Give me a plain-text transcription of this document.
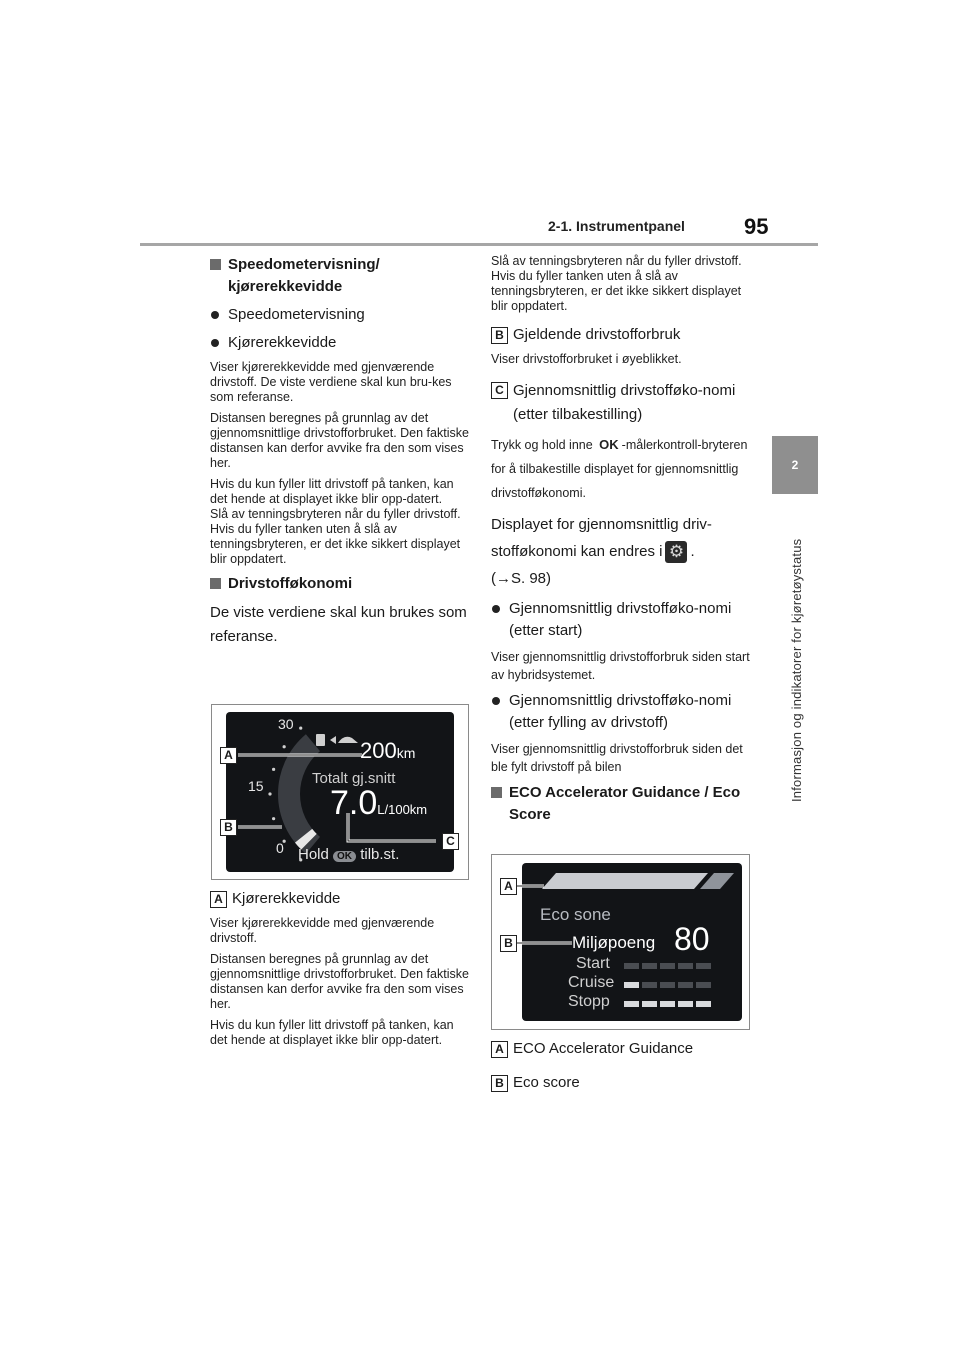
2-1. Instrumentpanel	95
2
Informasjon og indikatorer for kjøretøystatus
Speedometervisning/ kjørerekkevidde
Speedometervisning
Kjørerekkevidde

Viser kjørerekkevidde med gjenværende drivstoff. De viste verdiene skal kun bru-kes som referanse.

Distansen beregnes på grunnlag av det gjennomsnittlige drivstofforbruket. Den faktiske distansen kan derfor avvike fra den som vises her.

Hvis du kun fyller litt drivstoff på tanken, kan det hende at displayet ikke blir opp-datert.

Slå av tenningsbryteren når du fyller drivstoff. Hvis du fyller tanken uten å slå av tenningsbryteren, er det ikke sikkert displayet blir oppdatert.

Drivstofføkonomi

De viste verdiene skal kun brukes som referanse.

30
15
0
200km
Totalt gj.snitt
7.0L/100km
Hold OK tilb.st.
A
B
C
A Kjørerekkevidde

Viser kjørerekkevidde med gjenværende drivstoff.

Distansen beregnes på grunnlag av det gjennomsnittlige drivstofforbruket. Den faktiske distansen kan derfor avvike fra den som vises her.

Hvis du kun fyller litt drivstoff på tanken, kan det hende at displayet ikke blir opp-datert.

Slå av tenningsbryteren når du fyller drivstoff. Hvis du fyller tanken uten å slå av tenningsbryteren, er det ikke sikkert displayet blir oppdatert.

B Gjeldende drivstofforbruk

Viser drivstofforbruket i øyeblikket.

C Gjennomsnittlig drivstofføko-nomi (etter tilbakestilling)

Trykk og hold inne OK -målerkontroll-bryteren for å tilbakestille displayet for gjennomsnittlig drivstofføkonomi.

Displayet for gjennomsnittlig driv-stofføkonomi kan endres i⚙ .
(→S. 98)

Gjennomsnittlig drivstofføko-nomi (etter start)

Viser gjennomsnittlig drivstofforbruk siden start av hybridsystemet.

Gjennomsnittlig drivstofføko-nomi (etter fylling av drivstoff)

Viser gjennomsnittlig drivstofforbruk siden det ble fylt drivstoff på bilen

ECO Accelerator Guidance / Eco Score
Eco sone
Miljøpoeng 80
Start
Cruise
Stopp
A
B
A ECO Accelerator Guidance
B Eco score
